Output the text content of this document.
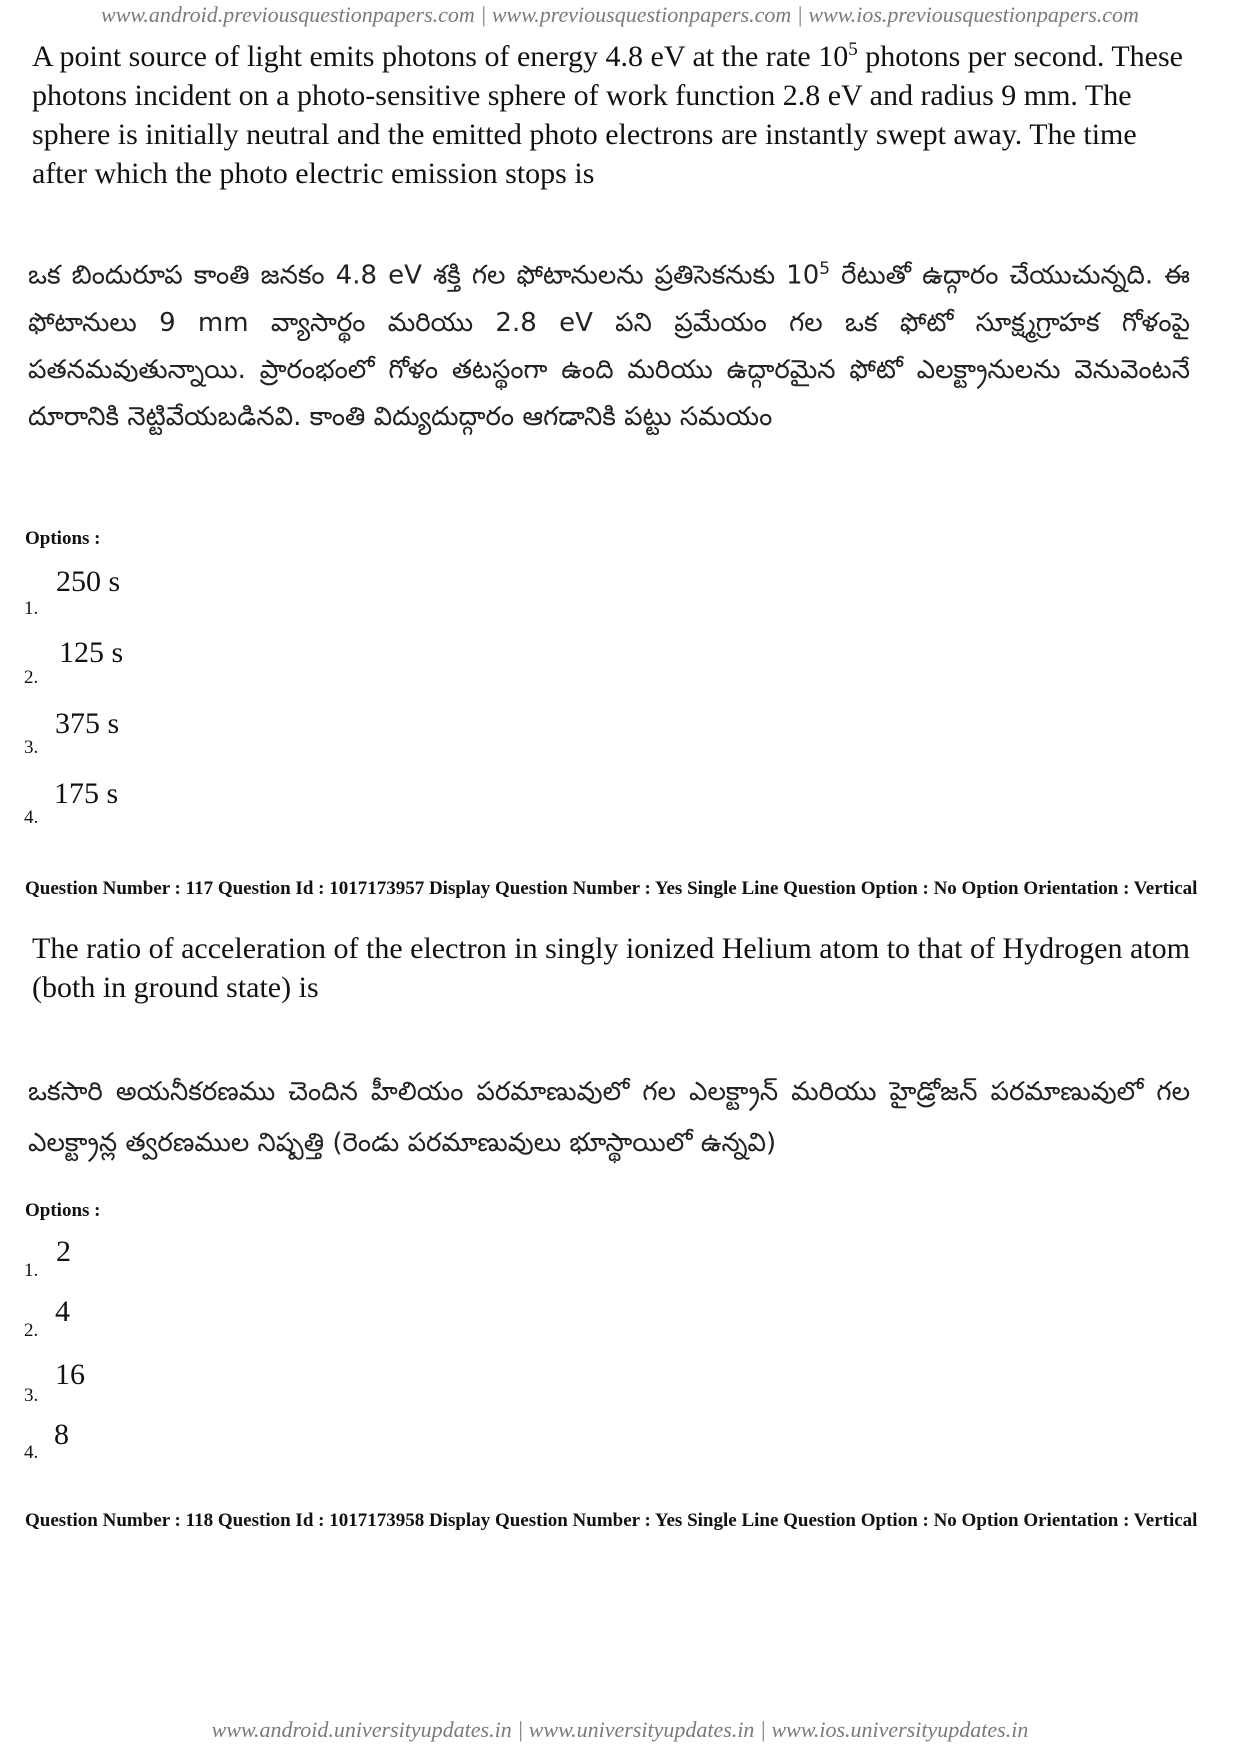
www.android.previousquestionpapers.com | www.previousquestionpapers.com | www.ios.previousquestionpapers.com
A point source of light emits photons of energy 4.8 eV at the rate $10^5$ photons per second. These photons incident on a photo-sensitive sphere of work function 2.8 eV and radius 9 mm. The sphere is initially neutral and the emitted photo electrons are instantly swept away. The time after which the photo electric emission stops is
ఒక బిందురూప కాంతి జనకం 4.8 eV శక్తి గల ఫోటానులను ప్రతిసెకనుకు $10^5$ రేటుతో ఉద్గారం చేయుచున్నది. ఈ ఫోటానులు 9 mm వ్యాసార్థం మరియు 2.8 eV పని ప్రమేయం గల ఒక ఫోటో సూక్ష్మగ్రాహక గోళంపై పతనమవుతున్నాయి. ప్రారంభంలో గోళం తటస్థంగా ఉంది మరియు ఉద్గారమైన ఫోటో ఎలక్ట్రానులను వెనువెంటనే దూరానికి నెట్టివేయబడినవి. కాంతి విద్యుదుద్గారం ఆగడానికి పట్టు సమయం
Options :
1.
250 s
2.
125 s
3.
375 s
4.
175 s
Question Number : 117 Question Id : 1017173957 Display Question Number : Yes Single Line Question Option : No Option Orientation : Vertical
The ratio of acceleration of the electron in singly ionized Helium atom to that of Hydrogen atom (both in ground state) is
ఒకసారి అయనీకరణము చెందిన హీలియం పరమాణువులో గల ఎలక్ట్రాన్ మరియు హైడ్రోజన్ పరమాణువులో గల ఎలక్ట్రాన్ల త్వరణముల నిష్పత్తి (రెండు పరమాణువులు భూస్థాయిలో ఉన్నవి)
Options :
1.
2
2.
4
3.
16
4.
8
Question Number : 118 Question Id : 1017173958 Display Question Number : Yes Single Line Question Option : No Option Orientation : Vertical
www.android.universityupdates.in | www.universityupdates.in | www.ios.universityupdates.in
